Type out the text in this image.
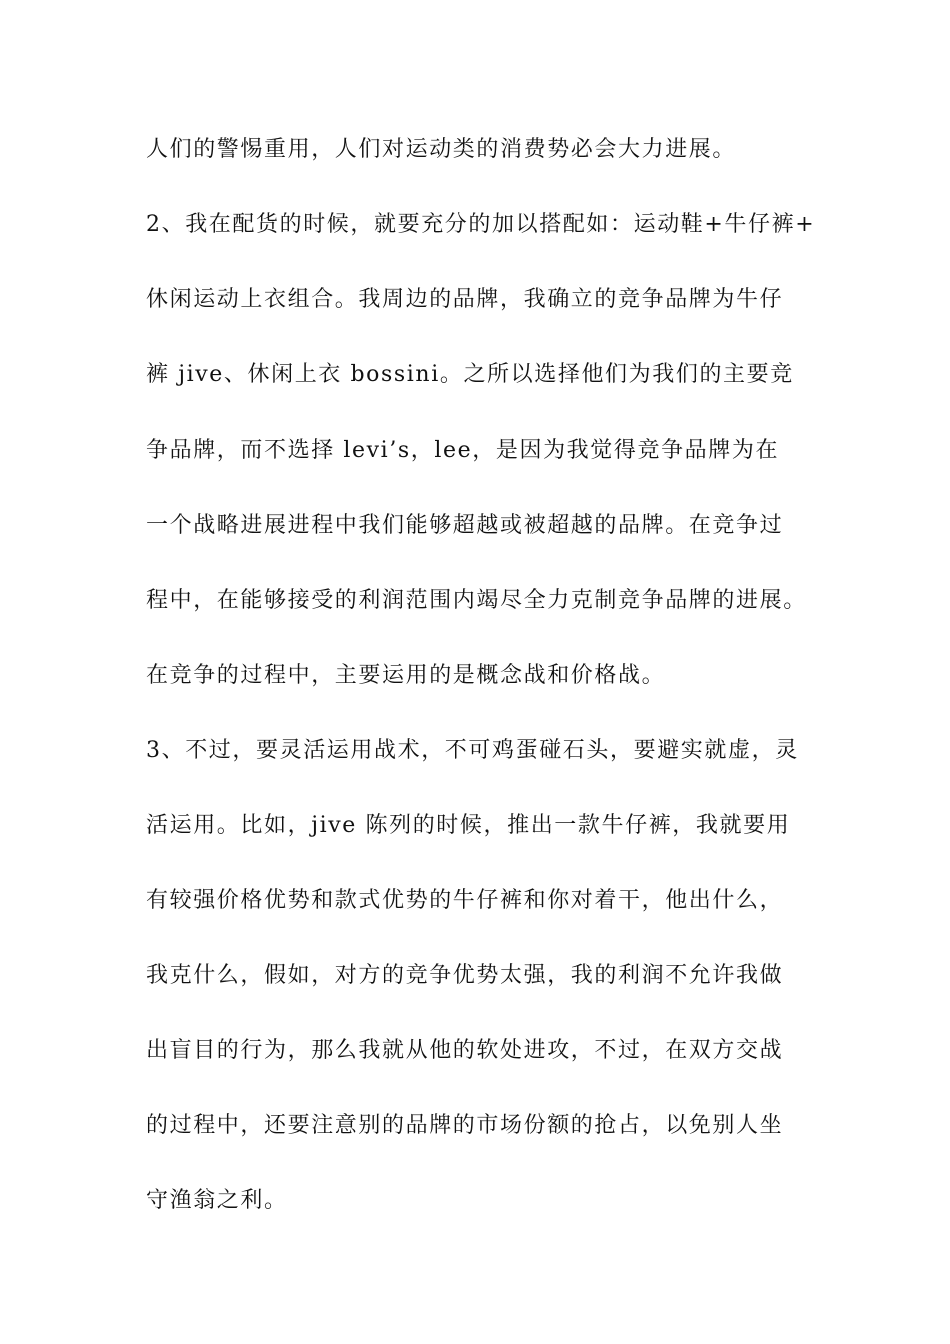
人们的警惕重用，人们对运动类的消费势必会大力进展。
2、我在配货的时候，就要充分的加以搭配如：运动鞋+牛仔裤+
休闲运动上衣组合。我周边的品牌，我确立的竞争品牌为牛仔
裤 jive、休闲上衣 bossini。之所以选择他们为我们的主要竞
争品牌，而不选择 levi’s，lee，是因为我觉得竞争品牌为在
一个战略进展进程中我们能够超越或被超越的品牌。在竞争过
程中，在能够接受的利润范围内竭尽全力克制竞争品牌的进展。
在竞争的过程中，主要运用的是概念战和价格战。
3、不过，要灵活运用战术，不可鸡蛋碰石头，要避实就虚，灵
活运用。比如，jive 陈列的时候，推出一款牛仔裤，我就要用
有较强价格优势和款式优势的牛仔裤和你对着干，他出什么，
我克什么，假如，对方的竞争优势太强，我的利润不允许我做
出盲目的行为，那么我就从他的软处进攻，不过，在双方交战
的过程中，还要注意别的品牌的市场份额的抢占，以免别人坐
守渔翁之利。
